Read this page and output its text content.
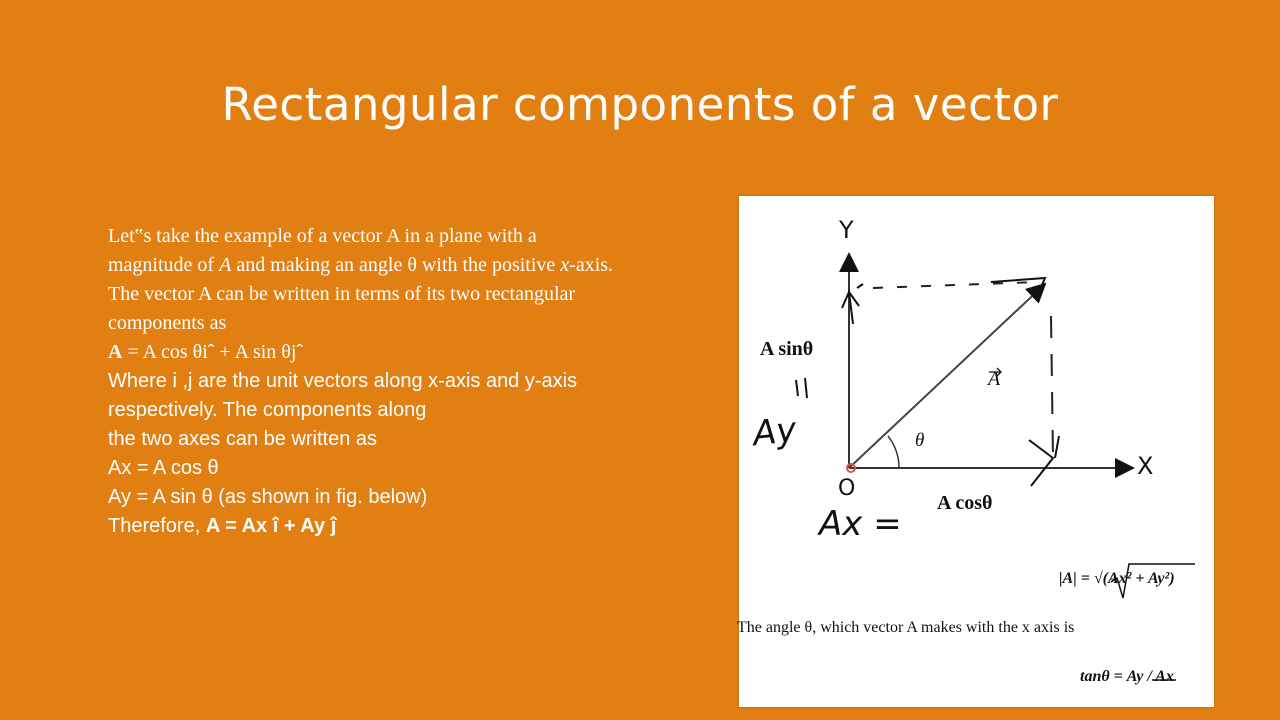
Rectangular components of a vector
Let‟s take the example of a vector A in a plane with a
magnitude of A and making an angle θ with the positive x-axis.
The vector A can be written in terms of its two rectangular
components as
A = A cos θiˆ + A sin θjˆ
Where i ,j are the unit vectors along x-axis and y-axis
respectively. The components along
the two axes can be written as
Ax = A cos θ
Ay = A sin θ (as shown in fig. below)
Therefore, A = Ax î + Ay ĵ
Y
X
O
A
θ
A sinθ
A cosθ
Ay
Ax =
|A| = √(Ax² + Ay²)
The angle θ, which vector A makes with the x axis is
tanθ = Ay / Ax
